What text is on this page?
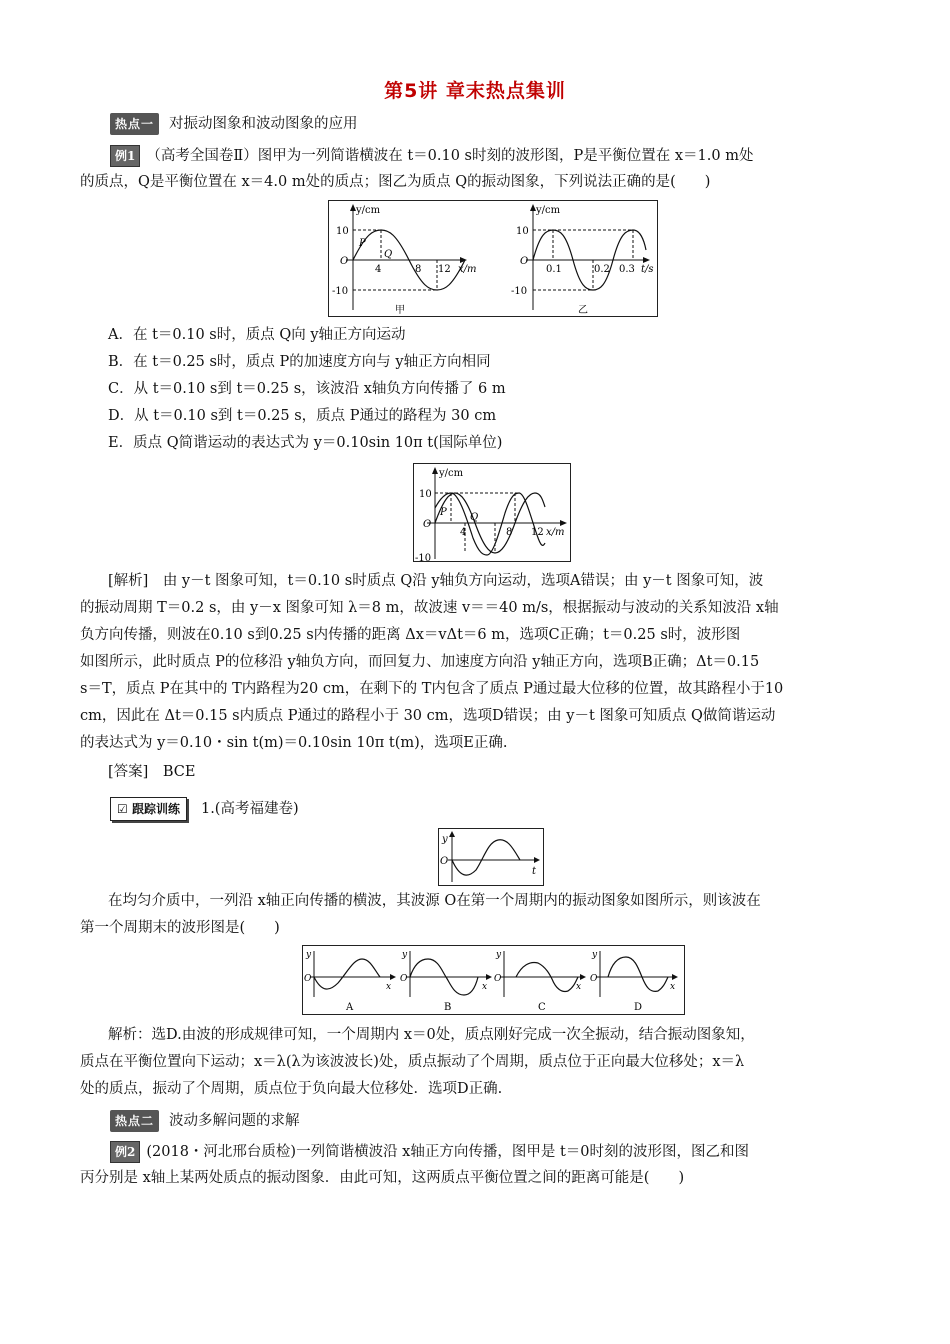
第5讲 章末热点集训
热点一 对振动图象和波动图象的应用
例1 （高考全国卷Ⅱ）图甲为一列简谐横波在 t＝0.10 s时刻的波形图，P是平衡位置在 x＝1.0 m处
的质点，Q是平衡位置在 x＝4.0 m处的质点；图乙为质点 Q的振动图象，下列说法正确的是(　　)
y/cm
10
-10
O
4	8 12 x/m
P
Q
甲
y/cm
10
-10
O
0.1	0.2 0.3 t/s
乙
A．在 t＝0.10 s时，质点 Q向 y轴正方向运动
B．在 t＝0.25 s时，质点 P的加速度方向与 y轴正方向相同
C．从 t＝0.10 s到 t＝0.25 s，该波沿 x轴负方向传播了 6 m
D．从 t＝0.10 s到 t＝0.25 s，质点 P通过的路程为 30 cm
E．质点 Q简谐运动的表达式为 y＝0.10sin 10π t(国际单位)
y/cm
10
-10
O
4	8 12 x/m
P Q
[解析]　由 y－t 图象可知，t＝0.10 s时质点 Q沿 y轴负方向运动，选项A错误；由 y－t 图象可知，波
的振动周期 T＝0.2 s，由 y－x 图象可知 λ＝8 m，故波速 v＝＝40 m/s，根据振动与波动的关系知波沿 x轴
负方向传播，则波在0.10 s到0.25 s内传播的距离 Δx＝vΔt＝6 m，选项C正确；t＝0.25 s时，波形图
如图所示，此时质点 P的位移沿 y轴负方向，而回复力、加速度方向沿 y轴正方向，选项B正确；Δt＝0.15
s＝T，质点 P在其中的 T内路程为20 cm，在剩下的 T内包含了质点 P通过最大位移的位置，故其路程小于10
cm，因此在 Δt＝0.15 s内质点 P通过的路程小于 30 cm，选项D错误；由 y－t 图象可知质点 Q做简谐运动
的表达式为 y＝0.10・sin t(m)＝0.10sin 10π t(m)，选项E正确.
[答案]　BCE
☑ 跟踪训练 1.(高考福建卷)
y
O
t
在均匀介质中，一列沿 x轴正向传播的横波，其波源 O在第一个周期内的振动图象如图所示，则该波在
第一个周期末的波形图是(　　)
y
O
x
A
y
O
x
B
y
O
x
C
y
O
x
D
解析：选D.由波的形成规律可知，一个周期内 x＝0处，质点刚好完成一次全振动，结合振动图象知，
质点在平衡位置向下运动；x＝λ(λ为该波波长)处，质点振动了个周期，质点位于正向最大位移处；x＝λ
处的质点，振动了个周期，质点位于负向最大位移处．选项D正确.
热点二 波动多解问题的求解
例2 (2018・河北邢台质检)一列简谐横波沿 x轴正方向传播，图甲是 t＝0时刻的波形图，图乙和图
丙分别是 x轴上某两处质点的振动图象．由此可知，这两质点平衡位置之间的距离可能是(　　)
